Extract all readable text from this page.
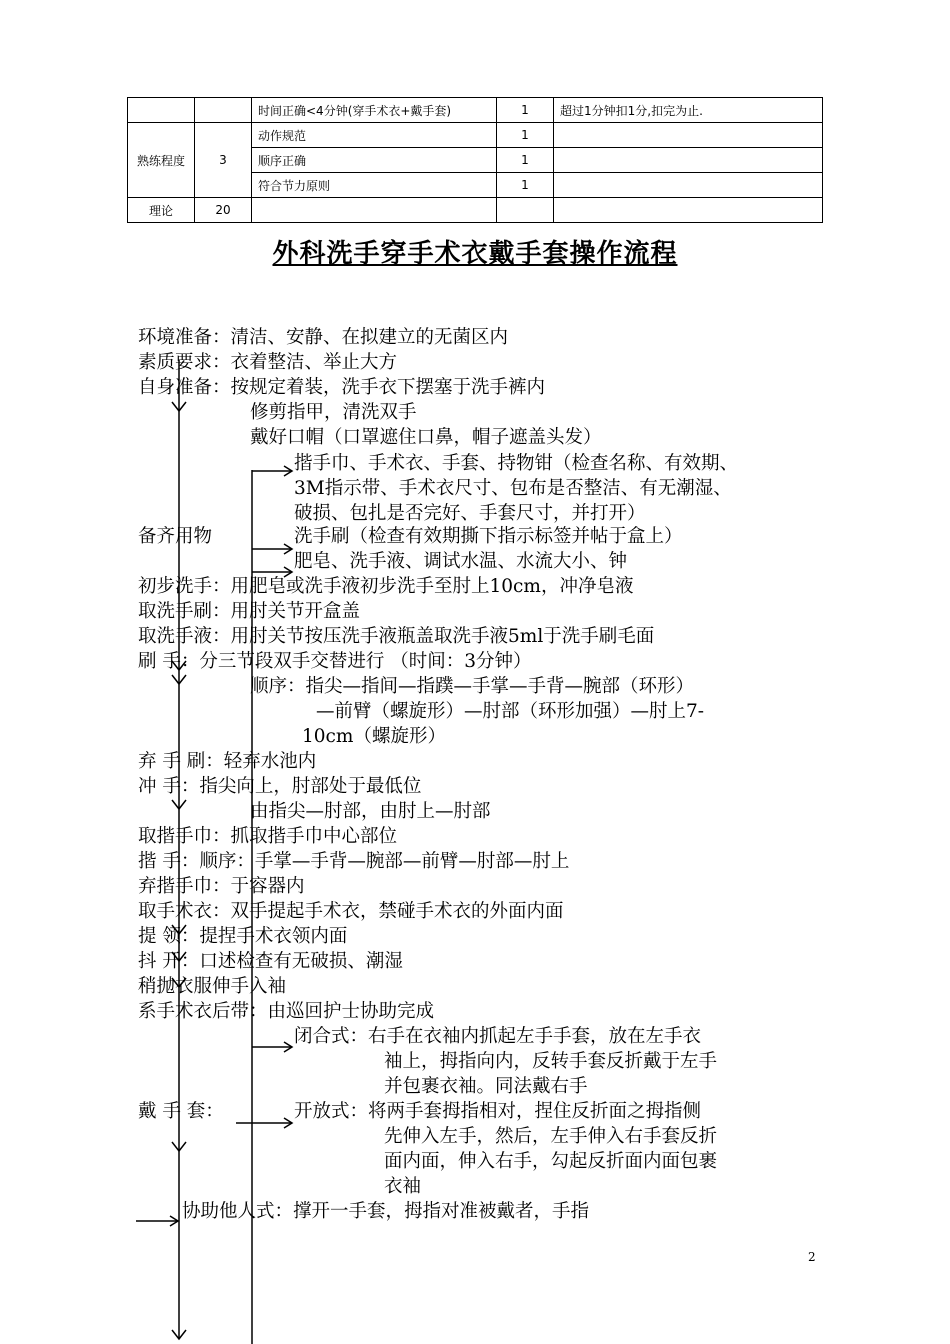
		时间正确<4分钟(穿手术衣+戴手套)	1	超过1分钟扣1分,扣完为止.
熟练程度	3	动作规范	1	
		顺序正确	1	
		符合节力原则	1	
理论	20			
外科洗手穿手术衣戴手套操作流程
环境准备：清洁、安静、在拟建立的无菌区内
素质要求：衣着整洁、举止大方
自身准备：按规定着装，洗手衣下摆塞于洗手裤内
修剪指甲，清洗双手
戴好口帽（口罩遮住口鼻，帽子遮盖头发）
揩手巾、手术衣、手套、持物钳（检查名称、有效期、
3M指示带、手术衣尺寸、包布是否整洁、有无潮湿、
破损、包扎是否完好、手套尺寸，并打开）
备齐用物	洗手刷（检查有效期撕下指示标签并帖于盒上）
肥皂、洗手液、调试水温、水流大小、钟
初步洗手：用肥皂或洗手液初步洗手至肘上10cm，冲净皂液
取洗手刷：用肘关节开盒盖
取洗手液：用肘关节按压洗手液瓶盖取洗手液5ml于洗手刷毛面
刷 手：分三节段双手交替进行 （时间：3分钟）
顺序：指尖—指间—指蹼—手掌—手背—腕部（环形）
—前臂（螺旋形）—肘部（环形加强）—肘上7-
10cm（螺旋形）
弃 手 刷：轻弃水池内
冲 手：指尖向上，肘部处于最低位
由指尖—肘部，由肘上—肘部
取揩手巾：抓取揩手巾中心部位
揩 手：顺序：手掌—手背—腕部—前臂—肘部—肘上
弃揩手巾：于容器内
取手术衣：双手提起手术衣，禁碰手术衣的外面内面
提 领：提捏手术衣领内面
抖 开：口述检查有无破损、潮湿
稍抛衣服伸手入袖
系手术衣后带：由巡回护士协助完成
闭合式：右手在衣袖内抓起左手手套，放在左手衣
袖上，拇指向内，反转手套反折戴于左手
并包裹衣袖。同法戴右手
戴 手 套：	开放式：将两手套拇指相对，捏住反折面之拇指侧
先伸入左手，然后，左手伸入右手套反折
面内面，伸入右手，勾起反折面内面包裹
衣袖
协助他人式：撑开一手套，拇指对准被戴者，手指
2
